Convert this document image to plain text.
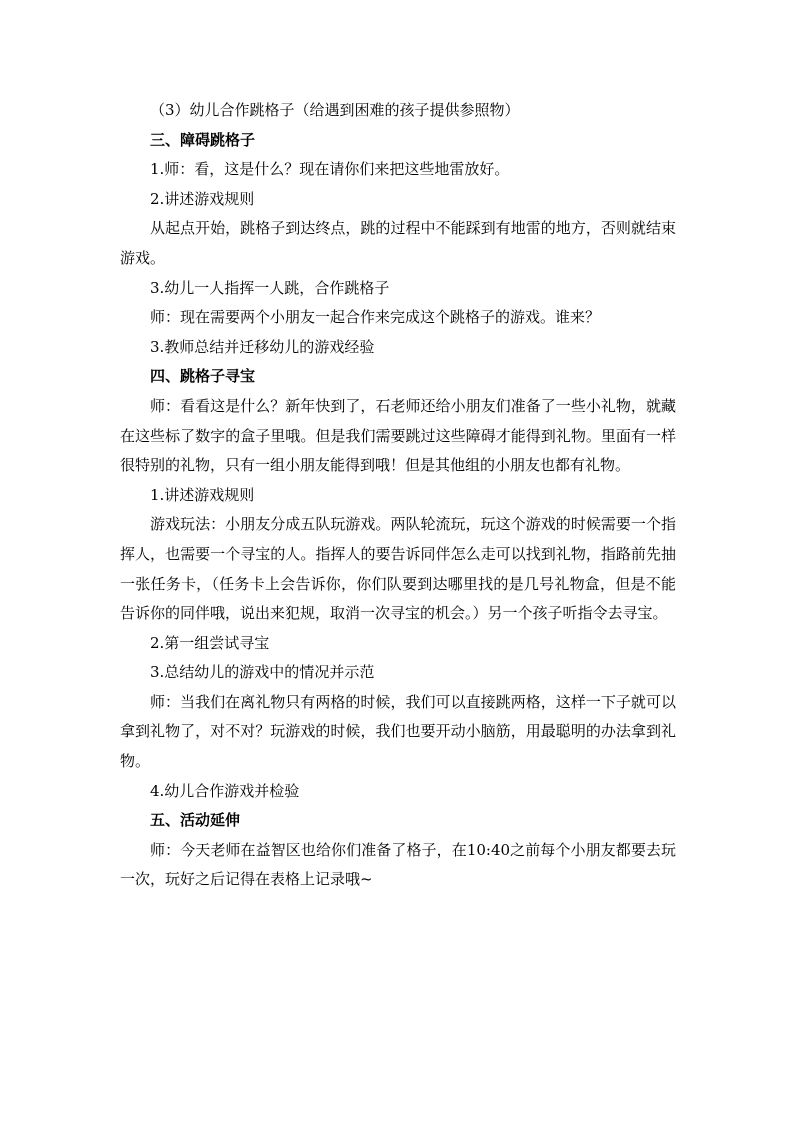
（3）幼儿合作跳格子（给遇到困难的孩子提供参照物）

三、障碍跳格子

1.师：看，这是什么？现在请你们来把这些地雷放好。

2.讲述游戏规则

从起点开始，跳格子到达终点，跳的过程中不能踩到有地雷的地方，否则就结束游戏。

3.幼儿一人指挥一人跳，合作跳格子

师：现在需要两个小朋友一起合作来完成这个跳格子的游戏。谁来？

3.教师总结并迁移幼儿的游戏经验

四、跳格子寻宝

师：看看这是什么？新年快到了，石老师还给小朋友们准备了一些小礼物，就藏在这些标了数字的盒子里哦。但是我们需要跳过这些障碍才能得到礼物。里面有一样很特别的礼物，只有一组小朋友能得到哦！但是其他组的小朋友也都有礼物。

1.讲述游戏规则

游戏玩法：小朋友分成五队玩游戏。两队轮流玩，玩这个游戏的时候需要一个指挥人，也需要一个寻宝的人。指挥人的要告诉同伴怎么走可以找到礼物，指路前先抽一张任务卡，（任务卡上会告诉你，你们队要到达哪里找的是几号礼物盒，但是不能告诉你的同伴哦，说出来犯规，取消一次寻宝的机会。）另一个孩子听指令去寻宝。

2.第一组尝试寻宝

3.总结幼儿的游戏中的情况并示范

师：当我们在离礼物只有两格的时候，我们可以直接跳两格，这样一下子就可以拿到礼物了，对不对？玩游戏的时候，我们也要开动小脑筋，用最聪明的办法拿到礼物。

4.幼儿合作游戏并检验

五、活动延伸

师：今天老师在益智区也给你们准备了格子，在10:40之前每个小朋友都要去玩一次，玩好之后记得在表格上记录哦~
